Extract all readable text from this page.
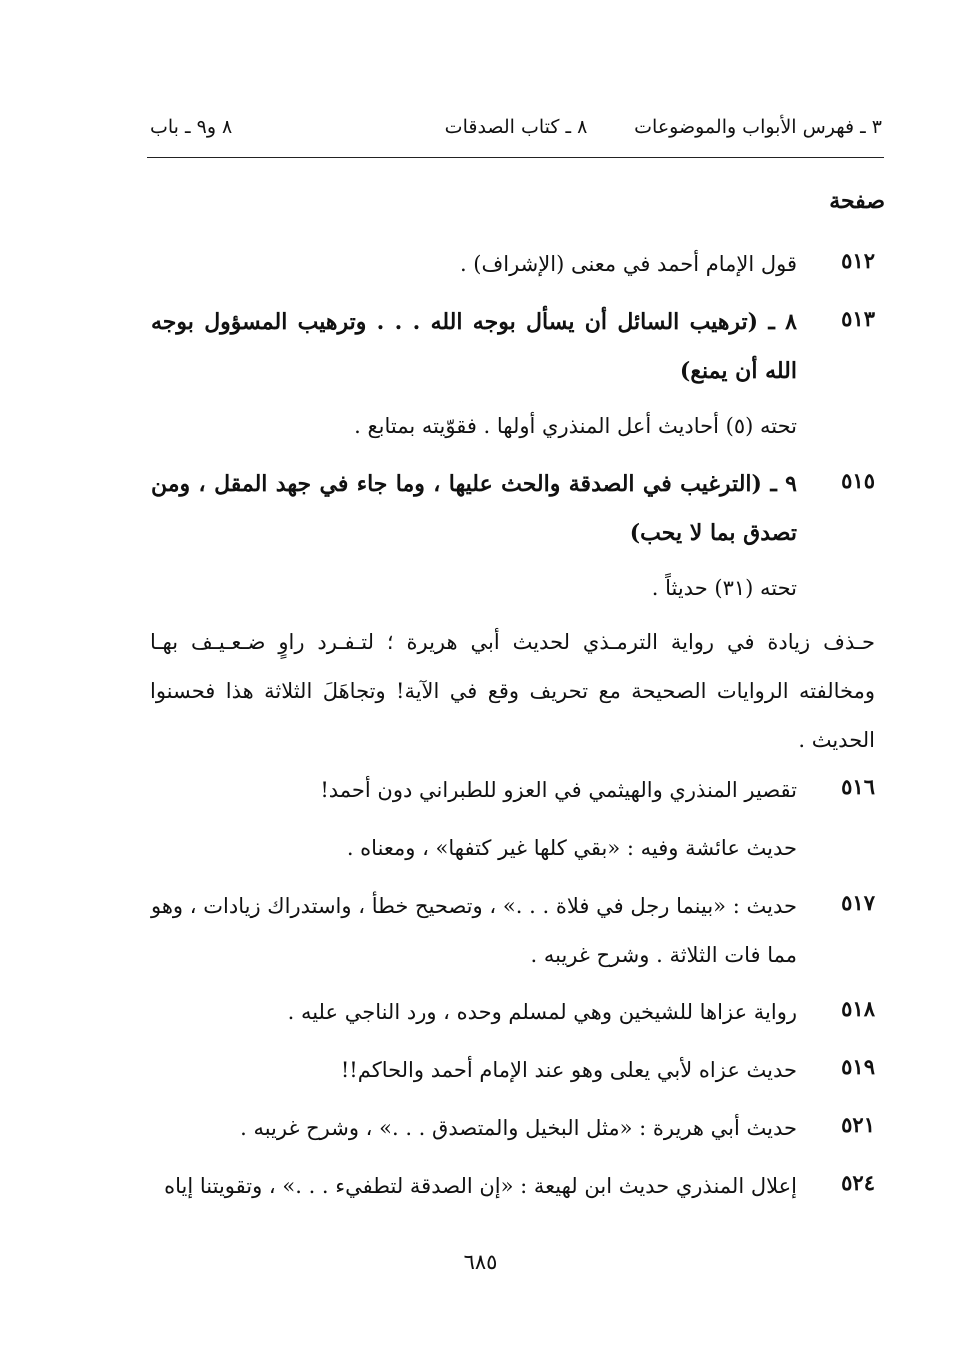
٣ ـ فهرس الأبواب والموضوعات
٨ ـ كتاب الصدقات
٨ و٩ ـ باب
صفحة
٥١٢
قول الإمام أحمد في معنى (الإشراف) .
٥١٣
٨ ـ (ترهيب السائل أن يسأل بوجه الله . . . وترهيب المسؤول بوجه الله أن يمنع)
تحته (٥) أحاديث أعل المنذري أولها . فقوّيته بمتابع .
٥١٥
٩ ـ (الترغيب في الصدقة والحث عليها ، وما جاء في جهد المقل ، ومن تصدق بما لا يحب)
تحته (٣١) حديثاً .
حـذف زيادة في رواية الترمـذي لحديث أبي هريرة ؛ لتـفـرد راوٍ ضـعـيـف بهـا ومخالفته الروايات الصحيحة مع تحريف وقع في الآية! وتجاهَلَ الثلاثة هذا فحسنوا الحديث .
٥١٦
تقصير المنذري والهيثمي في العزو للطبراني دون أحمد!
حديث عائشة وفيه : «بقي كلها غير كتفها» ، ومعناه .
٥١٧
حديث : «بينما رجل في فلاة . . .» ، وتصحيح خطأ ، واستدراك زيادات ، وهو مما فات الثلاثة . وشرح غريبه .
٥١٨
رواية عزاها للشيخين وهي لمسلم وحده ، ورد الناجي عليه .
٥١٩
حديث عزاه لأبي يعلى وهو عند الإمام أحمد والحاكم!!
٥٢١
حديث أبي هريرة : «مثل البخيل والمتصدق . . .» ، وشرح غريبه .
٥٢٤
إعلال المنذري حديث ابن لهيعة : «إن الصدقة لتطفيء . . .» ، وتقويتنا إياه
٦٨٥
